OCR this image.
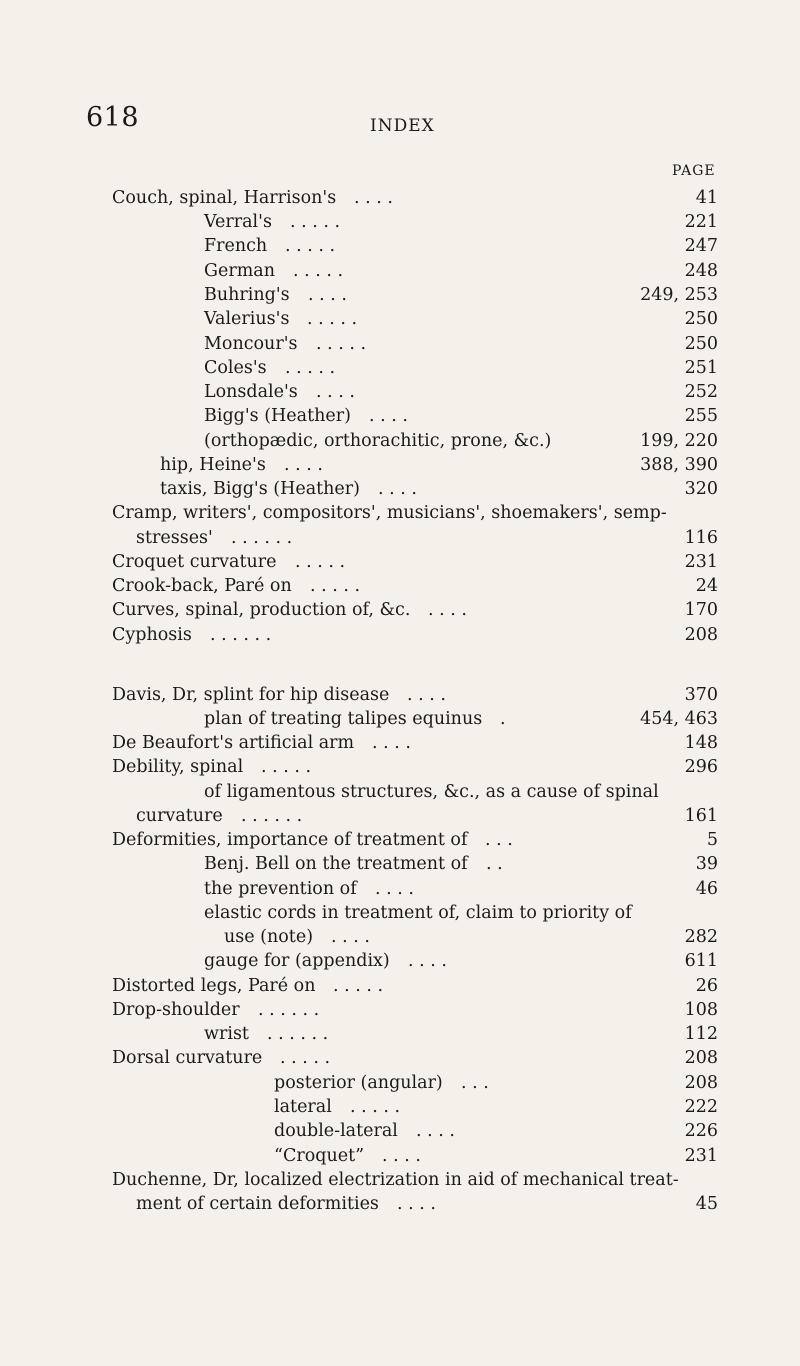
618	INDEX
PAGE
Couch, spinal, Harrison's . . . .	41
Verral's . . . . .	221
French . . . . .	247
German . . . . .	248
Buhring's . . . .	249, 253
Valerius's . . . . .	250
Moncour's . . . . .	250
Coles's . . . . .	251
Lonsdale's . . . .	252
Bigg's (Heather) . . . .	255
(orthopædic, orthorachitic, prone, &c.)	199, 220
hip, Heine's . . . .	388, 390
taxis, Bigg's (Heather) . . . .	320
Cramp, writers', compositors', musicians', shoemakers', semp-
stresses' . . . . . .	116
Croquet curvature . . . . .	231
Crook-back, Paré on . . . . .	24
Curves, spinal, production of, &c. . . . .	170
Cyphosis . . . . . .	208
Davis, Dr, splint for hip disease . . . .	370
plan of treating talipes equinus .	454, 463
De Beaufort's artificial arm . . . .	148
Debility, spinal . . . . .	296
of ligamentous structures, &c., as a cause of spinal
curvature . . . . . .	161
Deformities, importance of treatment of . . .	5
Benj. Bell on the treatment of . .	39
the prevention of . . . .	46
elastic cords in treatment of, claim to priority of
use (note) . . . .	282
gauge for (appendix) . . . .	611
Distorted legs, Paré on . . . . .	26
Drop-shoulder . . . . . .	108
wrist . . . . . .	112
Dorsal curvature . . . . .	208
posterior (angular) . . .	208
lateral . . . . .	222
double-lateral . . . .	226
“Croquet” . . . .	231
Duchenne, Dr, localized electrization in aid of mechanical treat-
ment of certain deformities . . . .	45
